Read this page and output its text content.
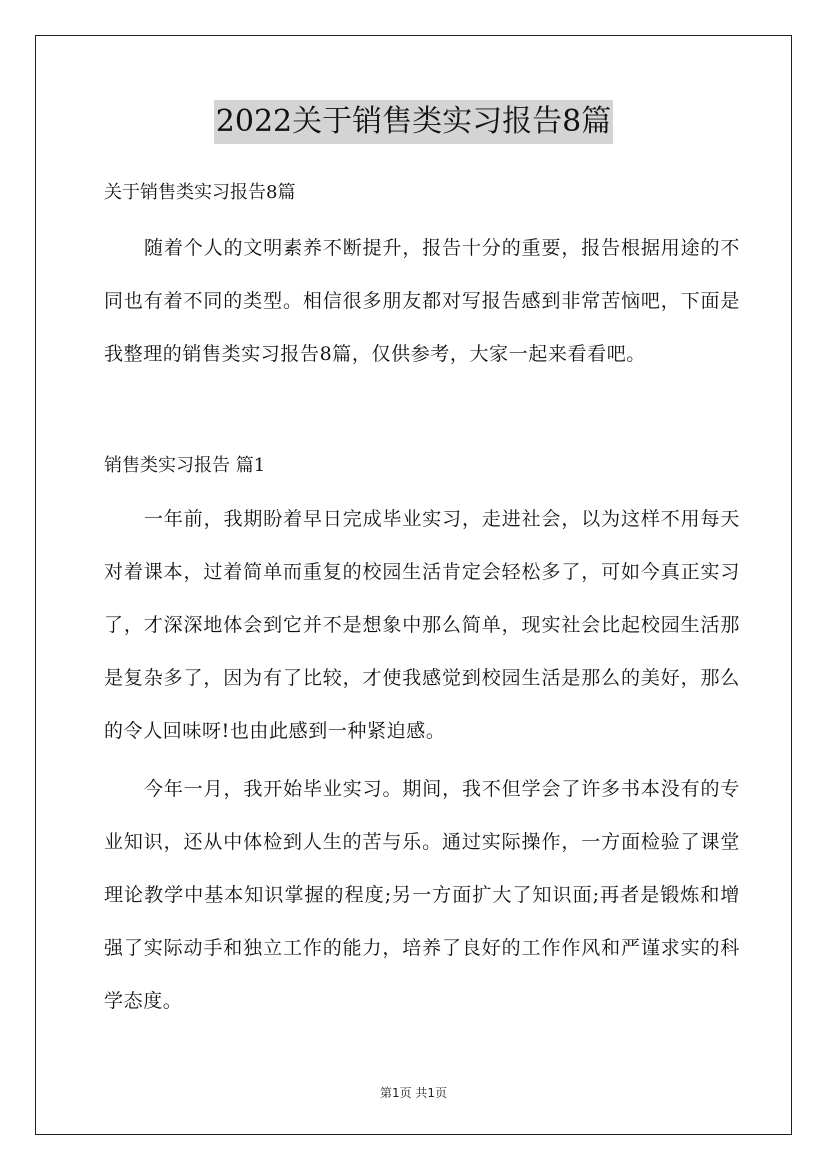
2022关于销售类实习报告8篇
关于销售类实习报告8篇
随着个人的文明素养不断提升，报告十分的重要，报告根据用途的不同也有着不同的类型。相信很多朋友都对写报告感到非常苦恼吧，下面是我整理的销售类实习报告8篇，仅供参考，大家一起来看看吧。
销售类实习报告 篇1
一年前，我期盼着早日完成毕业实习，走进社会，以为这样不用每天对着课本，过着简单而重复的校园生活肯定会轻松多了，可如今真正实习了，才深深地体会到它并不是想象中那么简单，现实社会比起校园生活那是复杂多了，因为有了比较，才使我感觉到校园生活是那么的美好，那么的令人回味呀!也由此感到一种紧迫感。
今年一月，我开始毕业实习。期间，我不但学会了许多书本没有的专业知识，还从中体检到人生的苦与乐。通过实际操作，一方面检验了课堂理论教学中基本知识掌握的程度;另一方面扩大了知识面;再者是锻炼和增强了实际动手和独立工作的能力，培养了良好的工作作风和严谨求实的科学态度。
第1页 共1页
